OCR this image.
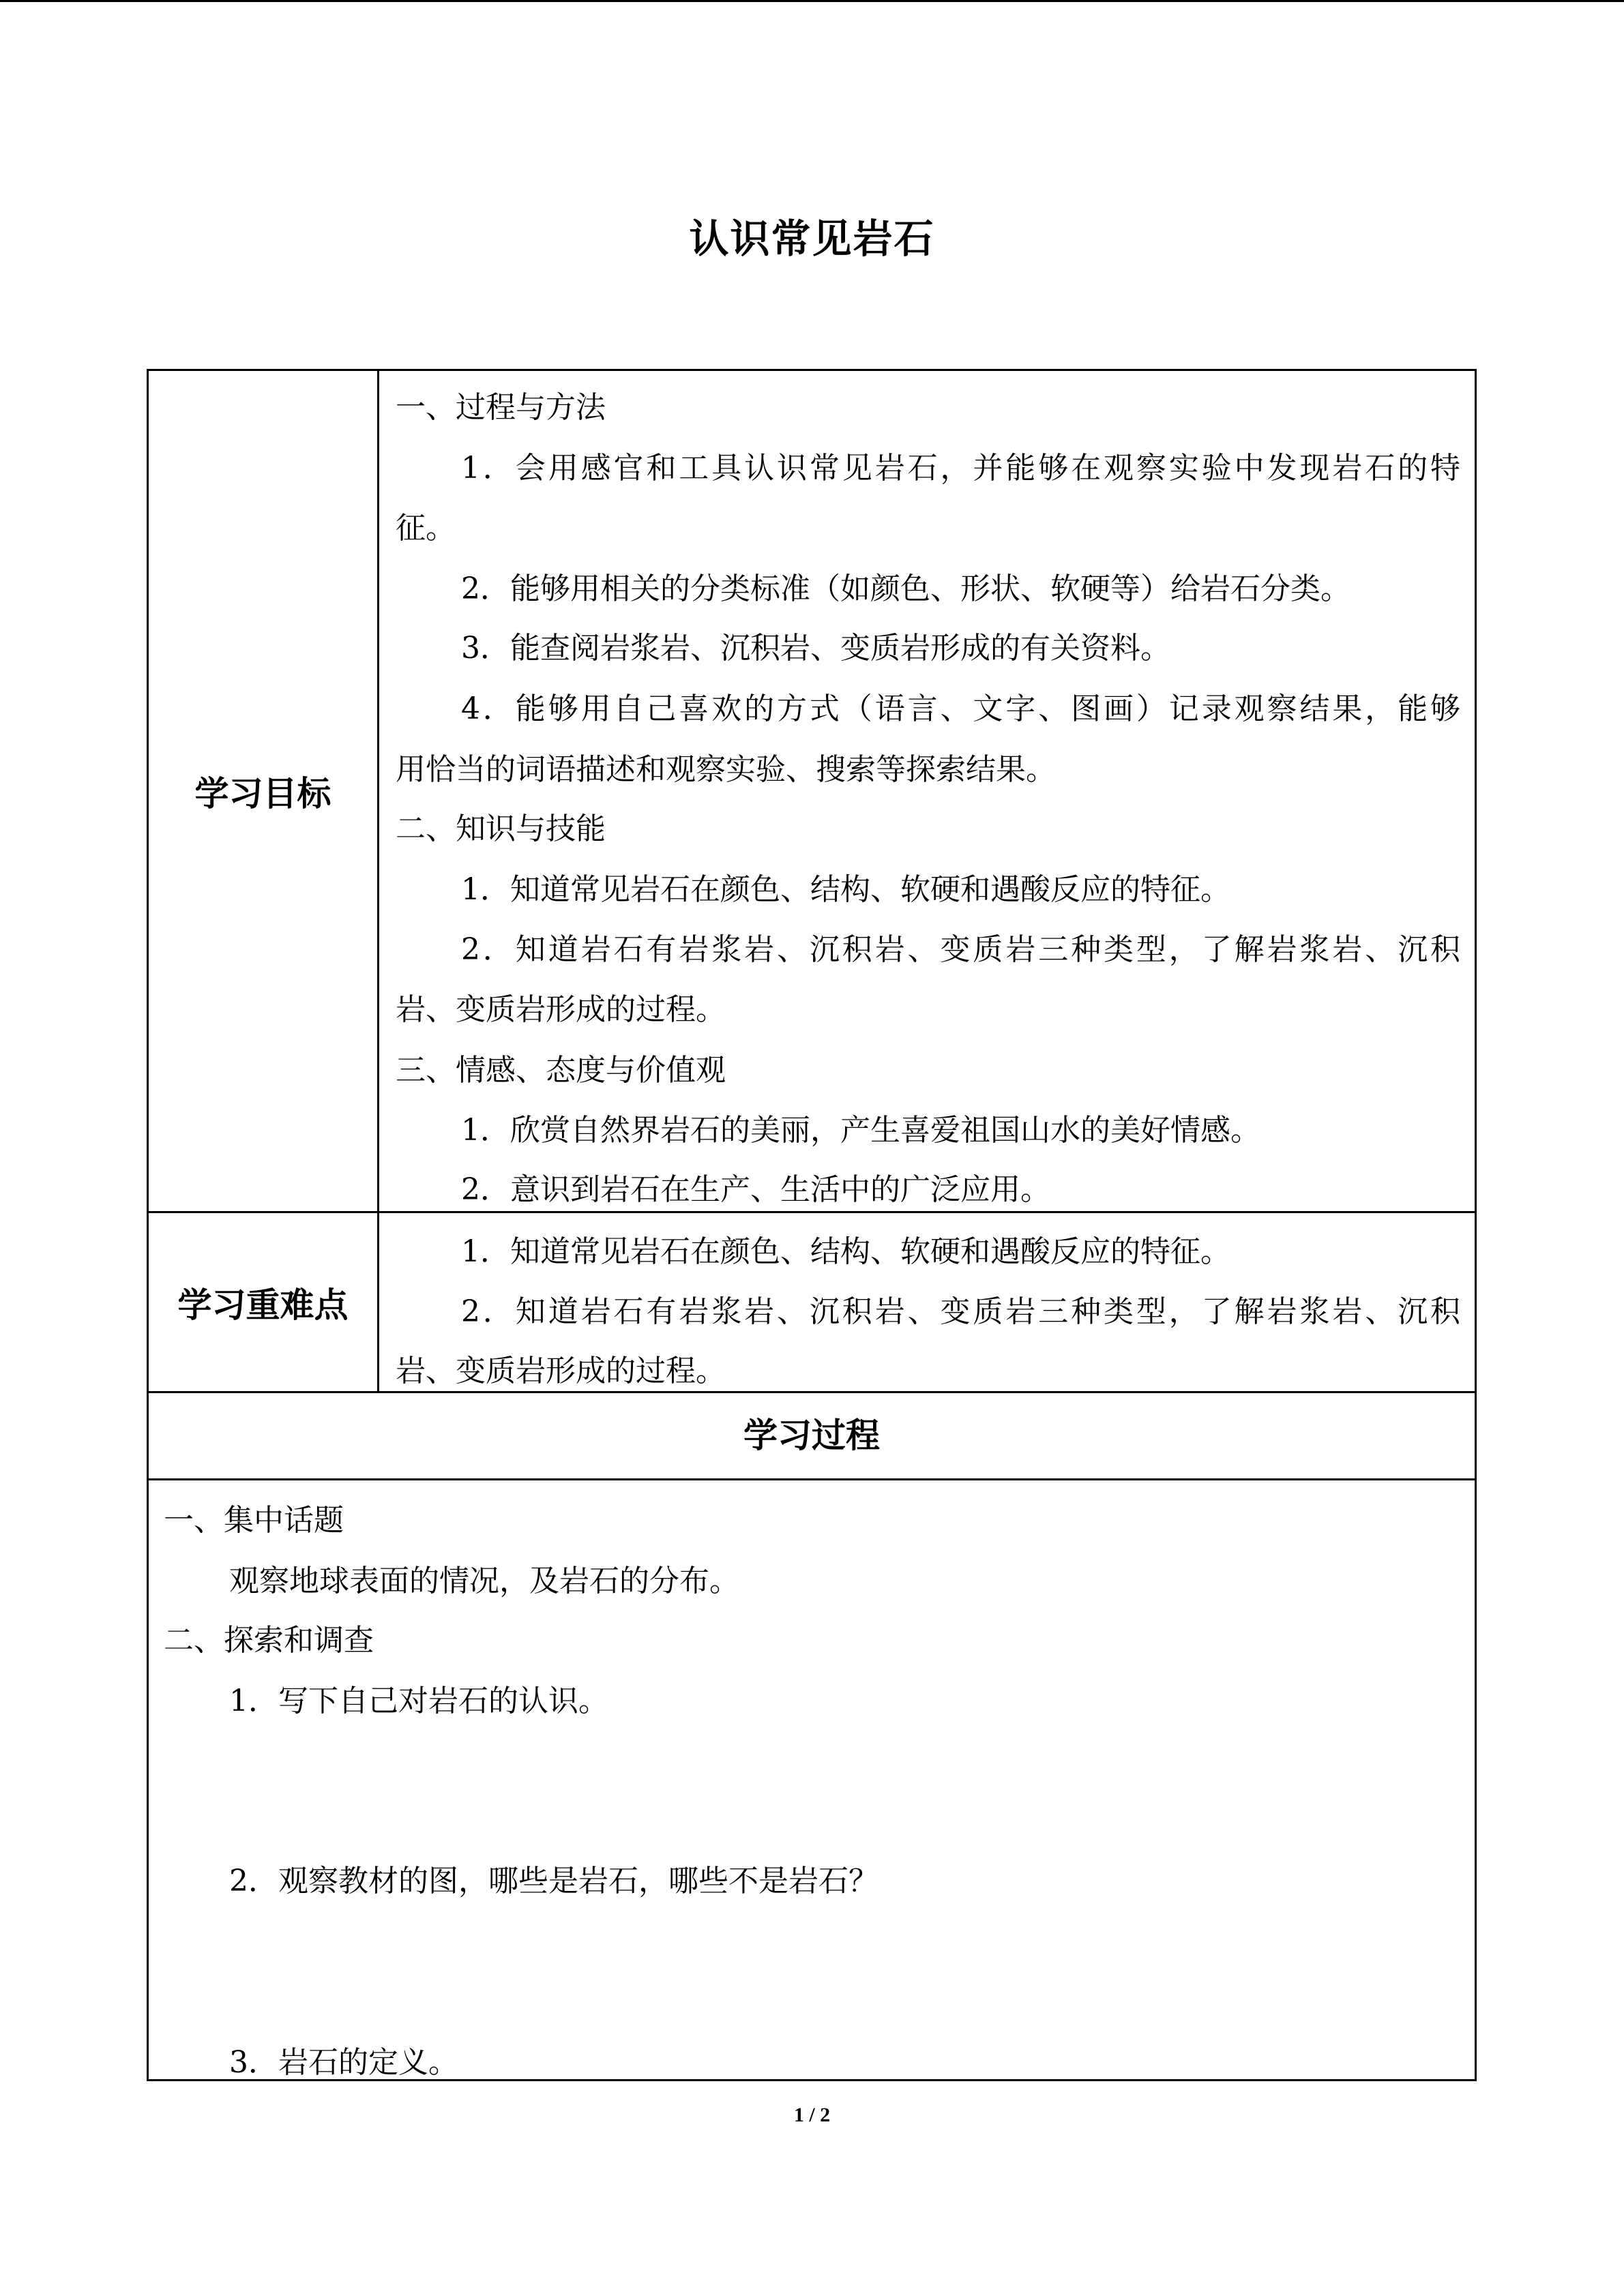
认识常见岩石
学习目标
一、过程与方法
1．会用感官和工具认识常见岩石，并能够在观察实验中发现岩石的特
征。
2．能够用相关的分类标准（如颜色、形状、软硬等）给岩石分类。
3．能查阅岩浆岩、沉积岩、变质岩形成的有关资料。
4．能够用自己喜欢的方式（语言、文字、图画）记录观察结果，能够
用恰当的词语描述和观察实验、搜索等探索结果。
二、知识与技能
1．知道常见岩石在颜色、结构、软硬和遇酸反应的特征。
2．知道岩石有岩浆岩、沉积岩、变质岩三种类型，了解岩浆岩、沉积
岩、变质岩形成的过程。
三、情感、态度与价值观
1．欣赏自然界岩石的美丽，产生喜爱祖国山水的美好情感。
2．意识到岩石在生产、生活中的广泛应用。
学习重难点
1．知道常见岩石在颜色、结构、软硬和遇酸反应的特征。
2．知道岩石有岩浆岩、沉积岩、变质岩三种类型，了解岩浆岩、沉积
岩、变质岩形成的过程。
学习过程
一、集中话题
观察地球表面的情况，及岩石的分布。
二、探索和调查
1．写下自己对岩石的认识。
2．观察教材的图，哪些是岩石，哪些不是岩石？
3．岩石的定义。
1 / 2
